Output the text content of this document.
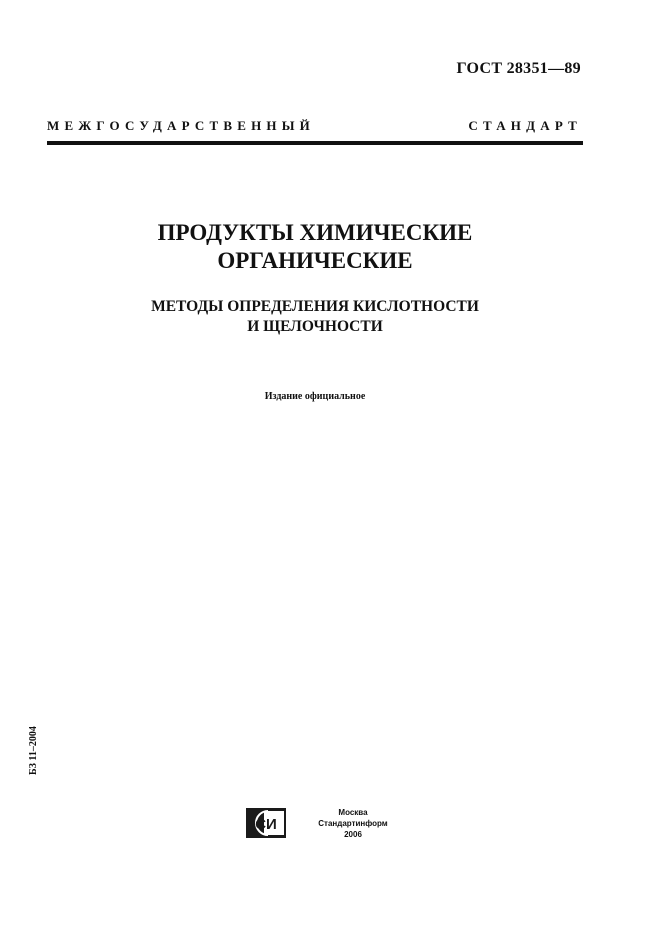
ГОСТ 28351—89
МЕЖГОСУДАРСТВЕННЫЙ СТАНДАРТ
ПРОДУКТЫ ХИМИЧЕСКИЕ
ОРГАНИЧЕСКИЕ
МЕТОДЫ ОПРЕДЕЛЕНИЯ КИСЛОТНОСТИ
И ЩЕЛОЧНОСТИ
Издание официальное
БЗ 11–2004
СИ
Москва
Стандартинформ
2006
